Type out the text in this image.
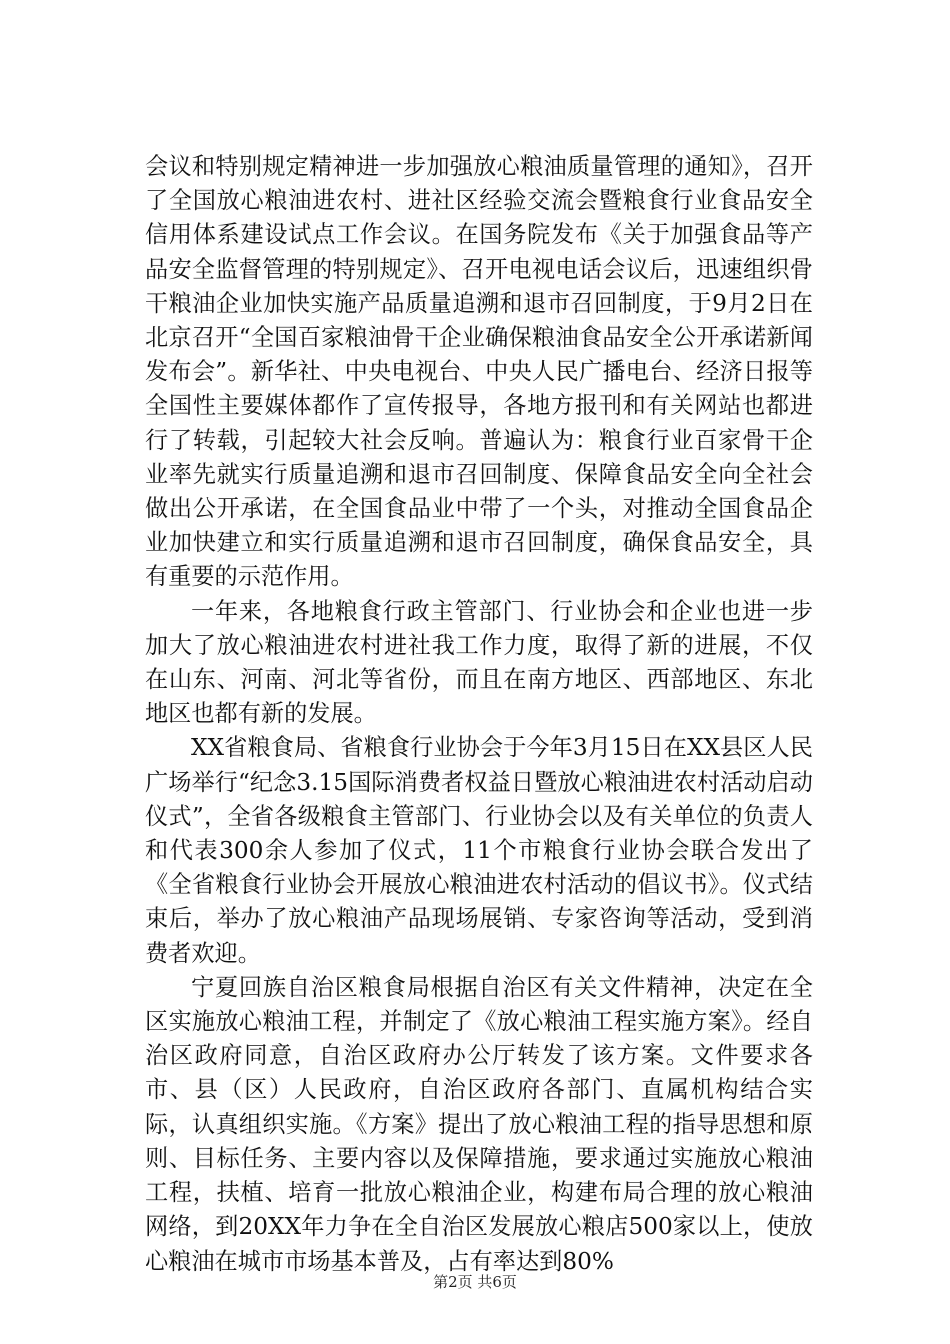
会议和特别规定精神进一步加强放心粮油质量管理的通知》，召开了全国放心粮油进农村、进社区经验交流会暨粮食行业食品安全信用体系建设试点工作会议。在国务院发布《关于加强食品等产品安全监督管理的特别规定》、召开电视电话会议后，迅速组织骨干粮油企业加快实施产品质量追溯和退市召回制度，于9月2日在北京召开“全国百家粮油骨干企业确保粮油食品安全公开承诺新闻发布会”。新华社、中央电视台、中央人民广播电台、经济日报等全国性主要媒体都作了宣传报导，各地方报刊和有关网站也都进行了转载，引起较大社会反响。普遍认为：粮食行业百家骨干企业率先就实行质量追溯和退市召回制度、保障食品安全向全社会做出公开承诺，在全国食品业中带了一个头，对推动全国食品企业加快建立和实行质量追溯和退市召回制度，确保食品安全，具有重要的示范作用。

一年来，各地粮食行政主管部门、行业协会和企业也进一步加大了放心粮油进农村进社我工作力度，取得了新的进展，不仅在山东、河南、河北等省份，而且在南方地区、西部地区、东北地区也都有新的发展。

XX省粮食局、省粮食行业协会于今年3月15日在XX县区人民广场举行“纪念3.15国际消费者权益日暨放心粮油进农村活动启动仪式”，全省各级粮食主管部门、行业协会以及有关单位的负责人和代表300余人参加了仪式，11个市粮食行业协会联合发出了《全省粮食行业协会开展放心粮油进农村活动的倡议书》。仪式结束后，举办了放心粮油产品现场展销、专家咨询等活动，受到消费者欢迎。

宁夏回族自治区粮食局根据自治区有关文件精神，决定在全区实施放心粮油工程，并制定了《放心粮油工程实施方案》。经自治区政府同意，自治区政府办公厅转发了该方案。文件要求各市、县（区）人民政府，自治区政府各部门、直属机构结合实际，认真组织实施。《方案》提出了放心粮油工程的指导思想和原则、目标任务、主要内容以及保障措施，要求通过实施放心粮油工程，扶植、培育一批放心粮油企业，构建布局合理的放心粮油网络，到20XX年力争在全自治区发展放心粮店500家以上，使放心粮油在城市市场基本普及，占有率达到80%

第2页 共6页
